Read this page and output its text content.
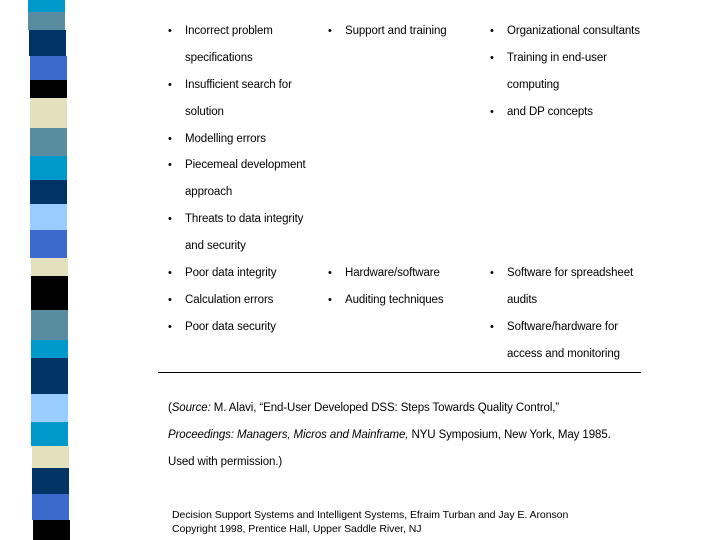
•	Incorrect problem
specifications
•	Insufficient search for
solution
•	Modelling errors
•	Piecemeal development
approach
•	Threats to data integrity
and security
•	Poor data integrity
•	Calculation errors
•	Poor data security
•	Support and training
•	Hardware/software
•	Auditing techniques
•	Organizational consultants
•	Training in end-user
computing
•	and DP concepts
•	Software for spreadsheet
audits
•	Software/hardware for
access and monitoring
(Source: M. Alavi, “End-User Developed DSS: Steps Towards Quality Control,”
Proceedings: Managers, Micros and Mainframe, NYU Symposium, New York, May 1985.
Used with permission.)
Decision Support Systems and Intelligent Systems, Efraim Turban and Jay E. Aronson
Copyright 1998, Prentice Hall, Upper Saddle River, NJ
